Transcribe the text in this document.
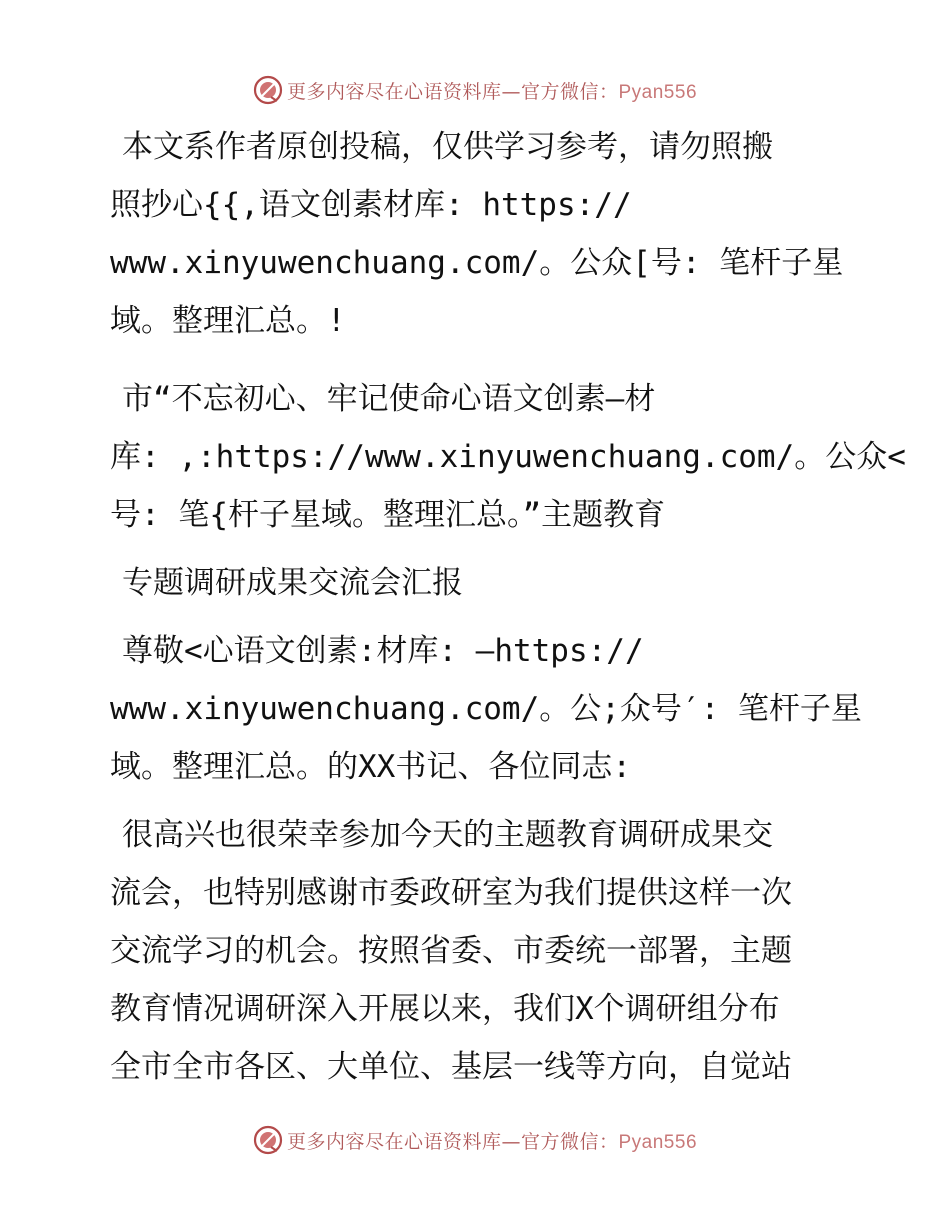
更多内容尽在心语资料库—官方微信：Pyan556
本文系作者原创投稿，仅供学习参考，请勿照搬
照抄心{{,语文创素材库: https://
www.xinyuwenchuang.com/。公众[号: 笔杆子星
域。整理汇总。!
市“不忘初心、牢记使命心语文创素—材
库: ,:https://www.xinyuwenchuang.com/。公众<
号: 笔{杆子星域。整理汇总。”主题教育
专题调研成果交流会汇报
尊敬<心语文创素:材库: —https://
www.xinyuwenchuang.com/。公;众号′: 笔杆子星
域。整理汇总。的XX书记、各位同志:
很高兴也很荣幸参加今天的主题教育调研成果交
流会，也特别感谢市委政研室为我们提供这样一次
交流学习的机会。按照省委、市委统一部署，主题
教育情况调研深入开展以来，我们X个调研组分布
全市全市各区、大单位、基层一线等方向，自觉站
更多内容尽在心语资料库—官方微信：Pyan556
